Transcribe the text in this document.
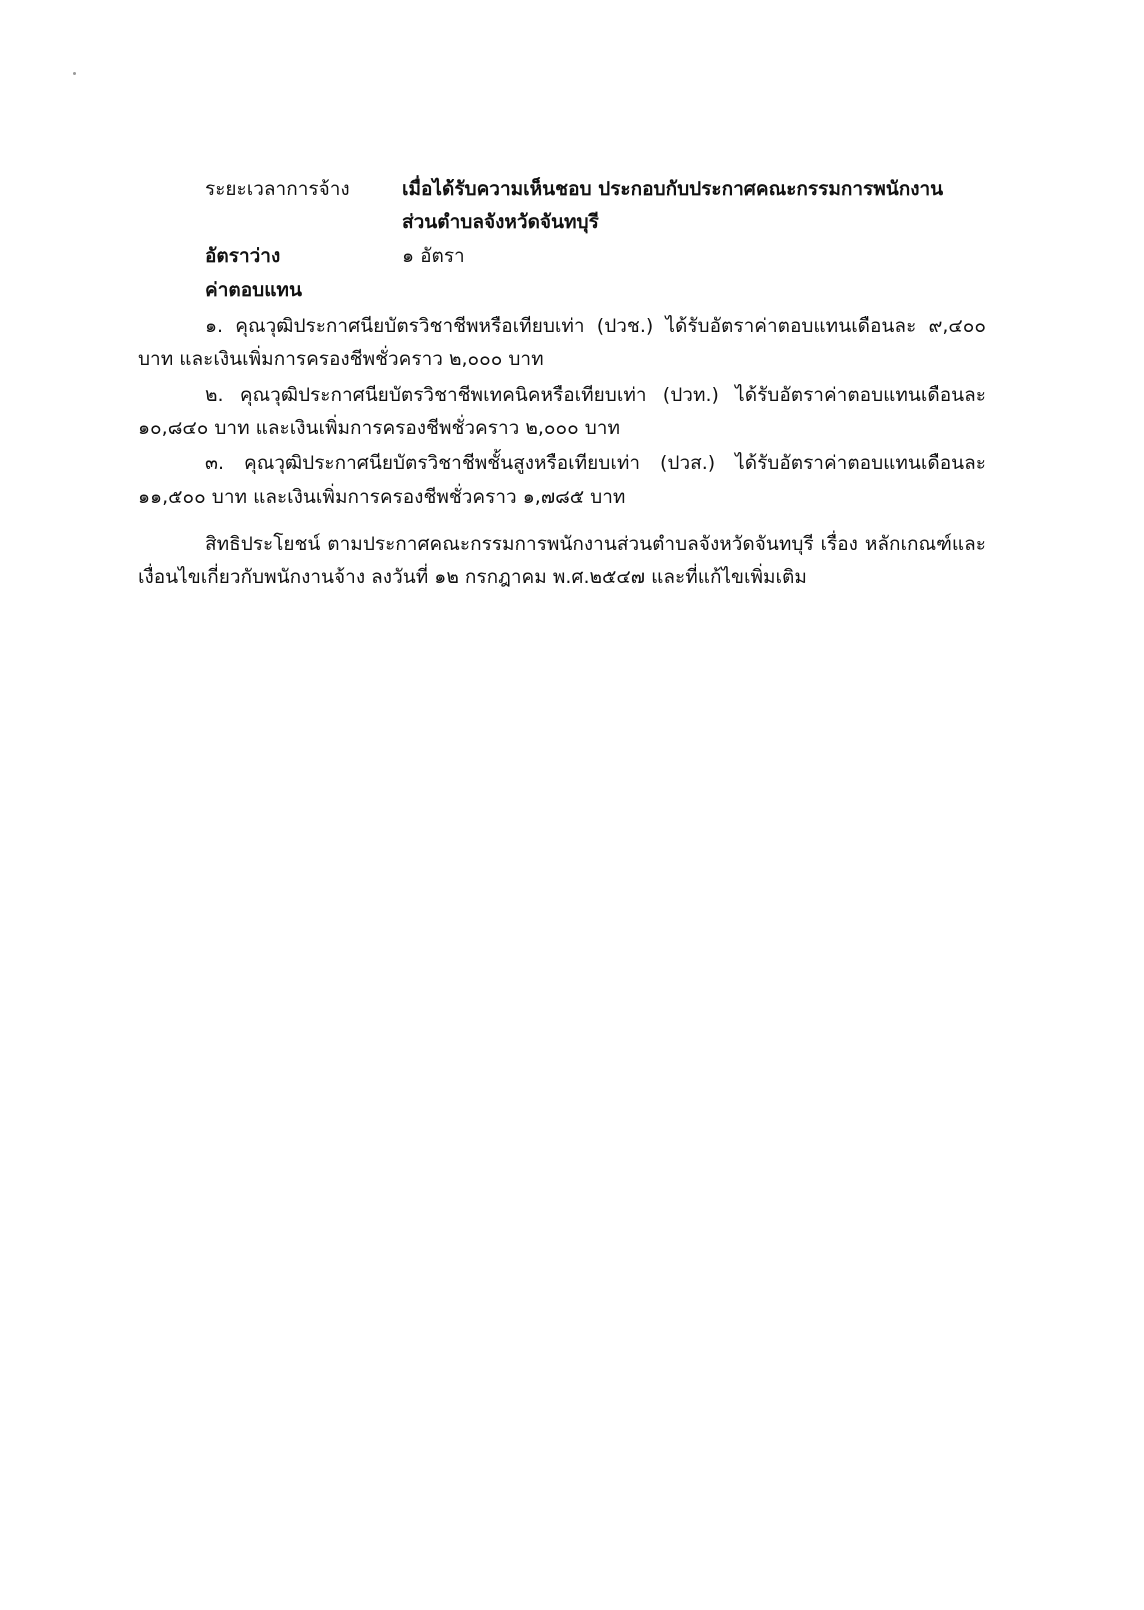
ระยะเวลาการจ้าง	เมื่อได้รับความเห็นชอบ ประกอบกับประกาศคณะกรรมการพนักงาน
ส่วนตำบลจังหวัดจันทบุรี
อัตราว่าง	๑ อัตรา
ค่าตอบแทน
๑. คุณวุฒิประกาศนียบัตรวิชาชีพหรือเทียบเท่า (ปวช.) ได้รับอัตราค่าตอบแทนเดือนละ ๙,๔๐๐
บาท และเงินเพิ่มการครองชีพชั่วคราว ๒,๐๐๐ บาท
๒. คุณวุฒิประกาศนียบัตรวิชาชีพเทคนิคหรือเทียบเท่า (ปวท.) ได้รับอัตราค่าตอบแทนเดือนละ
๑๐,๘๔๐ บาท และเงินเพิ่มการครองชีพชั่วคราว ๒,๐๐๐ บาท
๓. คุณวุฒิประกาศนียบัตรวิชาชีพชั้นสูงหรือเทียบเท่า (ปวส.) ได้รับอัตราค่าตอบแทนเดือนละ
๑๑,๕๐๐ บาท และเงินเพิ่มการครองชีพชั่วคราว ๑,๗๘๕ บาท
สิทธิประโยชน์ ตามประกาศคณะกรรมการพนักงานส่วนตำบลจังหวัดจันทบุรี เรื่อง หลักเกณฑ์และ
เงื่อนไขเกี่ยวกับพนักงานจ้าง ลงวันที่ ๑๒ กรกฎาคม พ.ศ.๒๕๔๗ และที่แก้ไขเพิ่มเติม
